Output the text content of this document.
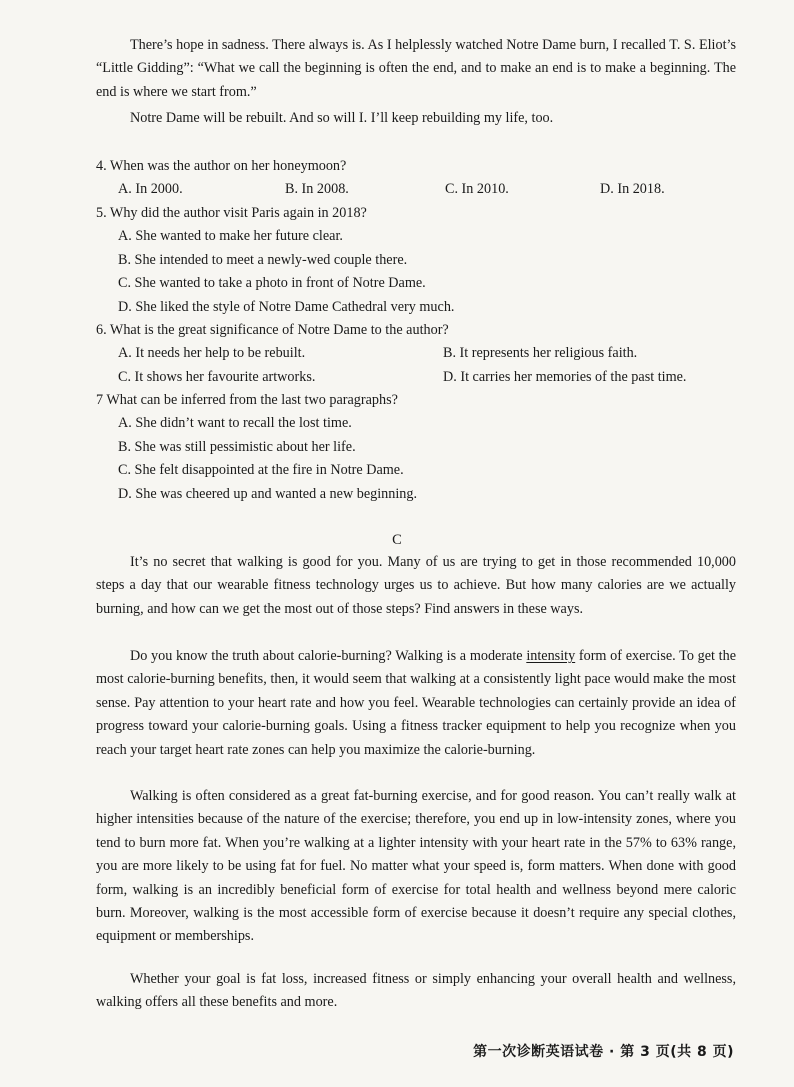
There’s hope in sadness. There always is. As I helplessly watched Notre Dame burn, I recalled T. S. Eliot’s “Little Gidding”: “What we call the beginning is often the end, and to make an end is to make a beginning. The end is where we start from.”

Notre Dame will be rebuilt. And so will I. I’ll keep rebuilding my life, too.

4. When was the author on her honeymoon?

A. In 2000.	B. In 2008.	C. In 2010.	D. In 2018.

5. Why did the author visit Paris again in 2018?

A. She wanted to make her future clear.

B. She intended to meet a newly-wed couple there.

C. She wanted to take a photo in front of Notre Dame.

D. She liked the style of Notre Dame Cathedral very much.

6. What is the great significance of Notre Dame to the author?

A. It needs her help to be rebuilt.	B. It represents her religious faith.

C. It shows her favourite artworks.	D. It carries her memories of the past time.

7 What can be inferred from the last two paragraphs?

A. She didn’t want to recall the lost time.

B. She was still pessimistic about her life.

C. She felt disappointed at the fire in Notre Dame.

D. She was cheered up and wanted a new beginning.

C

It’s no secret that walking is good for you. Many of us are trying to get in those recommended 10,000 steps a day that our wearable fitness technology urges us to achieve. But how many calories are we actually burning, and how can we get the most out of those steps? Find answers in these ways.

Do you know the truth about calorie-burning? Walking is a moderate intensity form of exercise. To get the most calorie-burning benefits, then, it would seem that walking at a consistently light pace would make the most sense. Pay attention to your heart rate and how you feel. Wearable technologies can certainly provide an idea of progress toward your calorie-burning goals. Using a fitness tracker equipment to help you recognize when you reach your target heart rate zones can help you maximize the calorie-burning.

Walking is often considered as a great fat-burning exercise, and for good reason. You can’t really walk at higher intensities because of the nature of the exercise; therefore, you end up in low-intensity zones, where you tend to burn more fat. When you’re walking at a lighter intensity with your heart rate in the 57% to 63% range, you are more likely to be using fat for fuel. No matter what your speed is, form matters. When done with good form, walking is an incredibly beneficial form of exercise for total health and wellness beyond mere caloric burn. Moreover, walking is the most accessible form of exercise because it doesn’t require any special clothes, equipment or memberships.

Whether your goal is fat loss, increased fitness or simply enhancing your overall health and wellness, walking offers all these benefits and more.

第一次诊断英语试卷 · 第 3 页(共 8 页)
